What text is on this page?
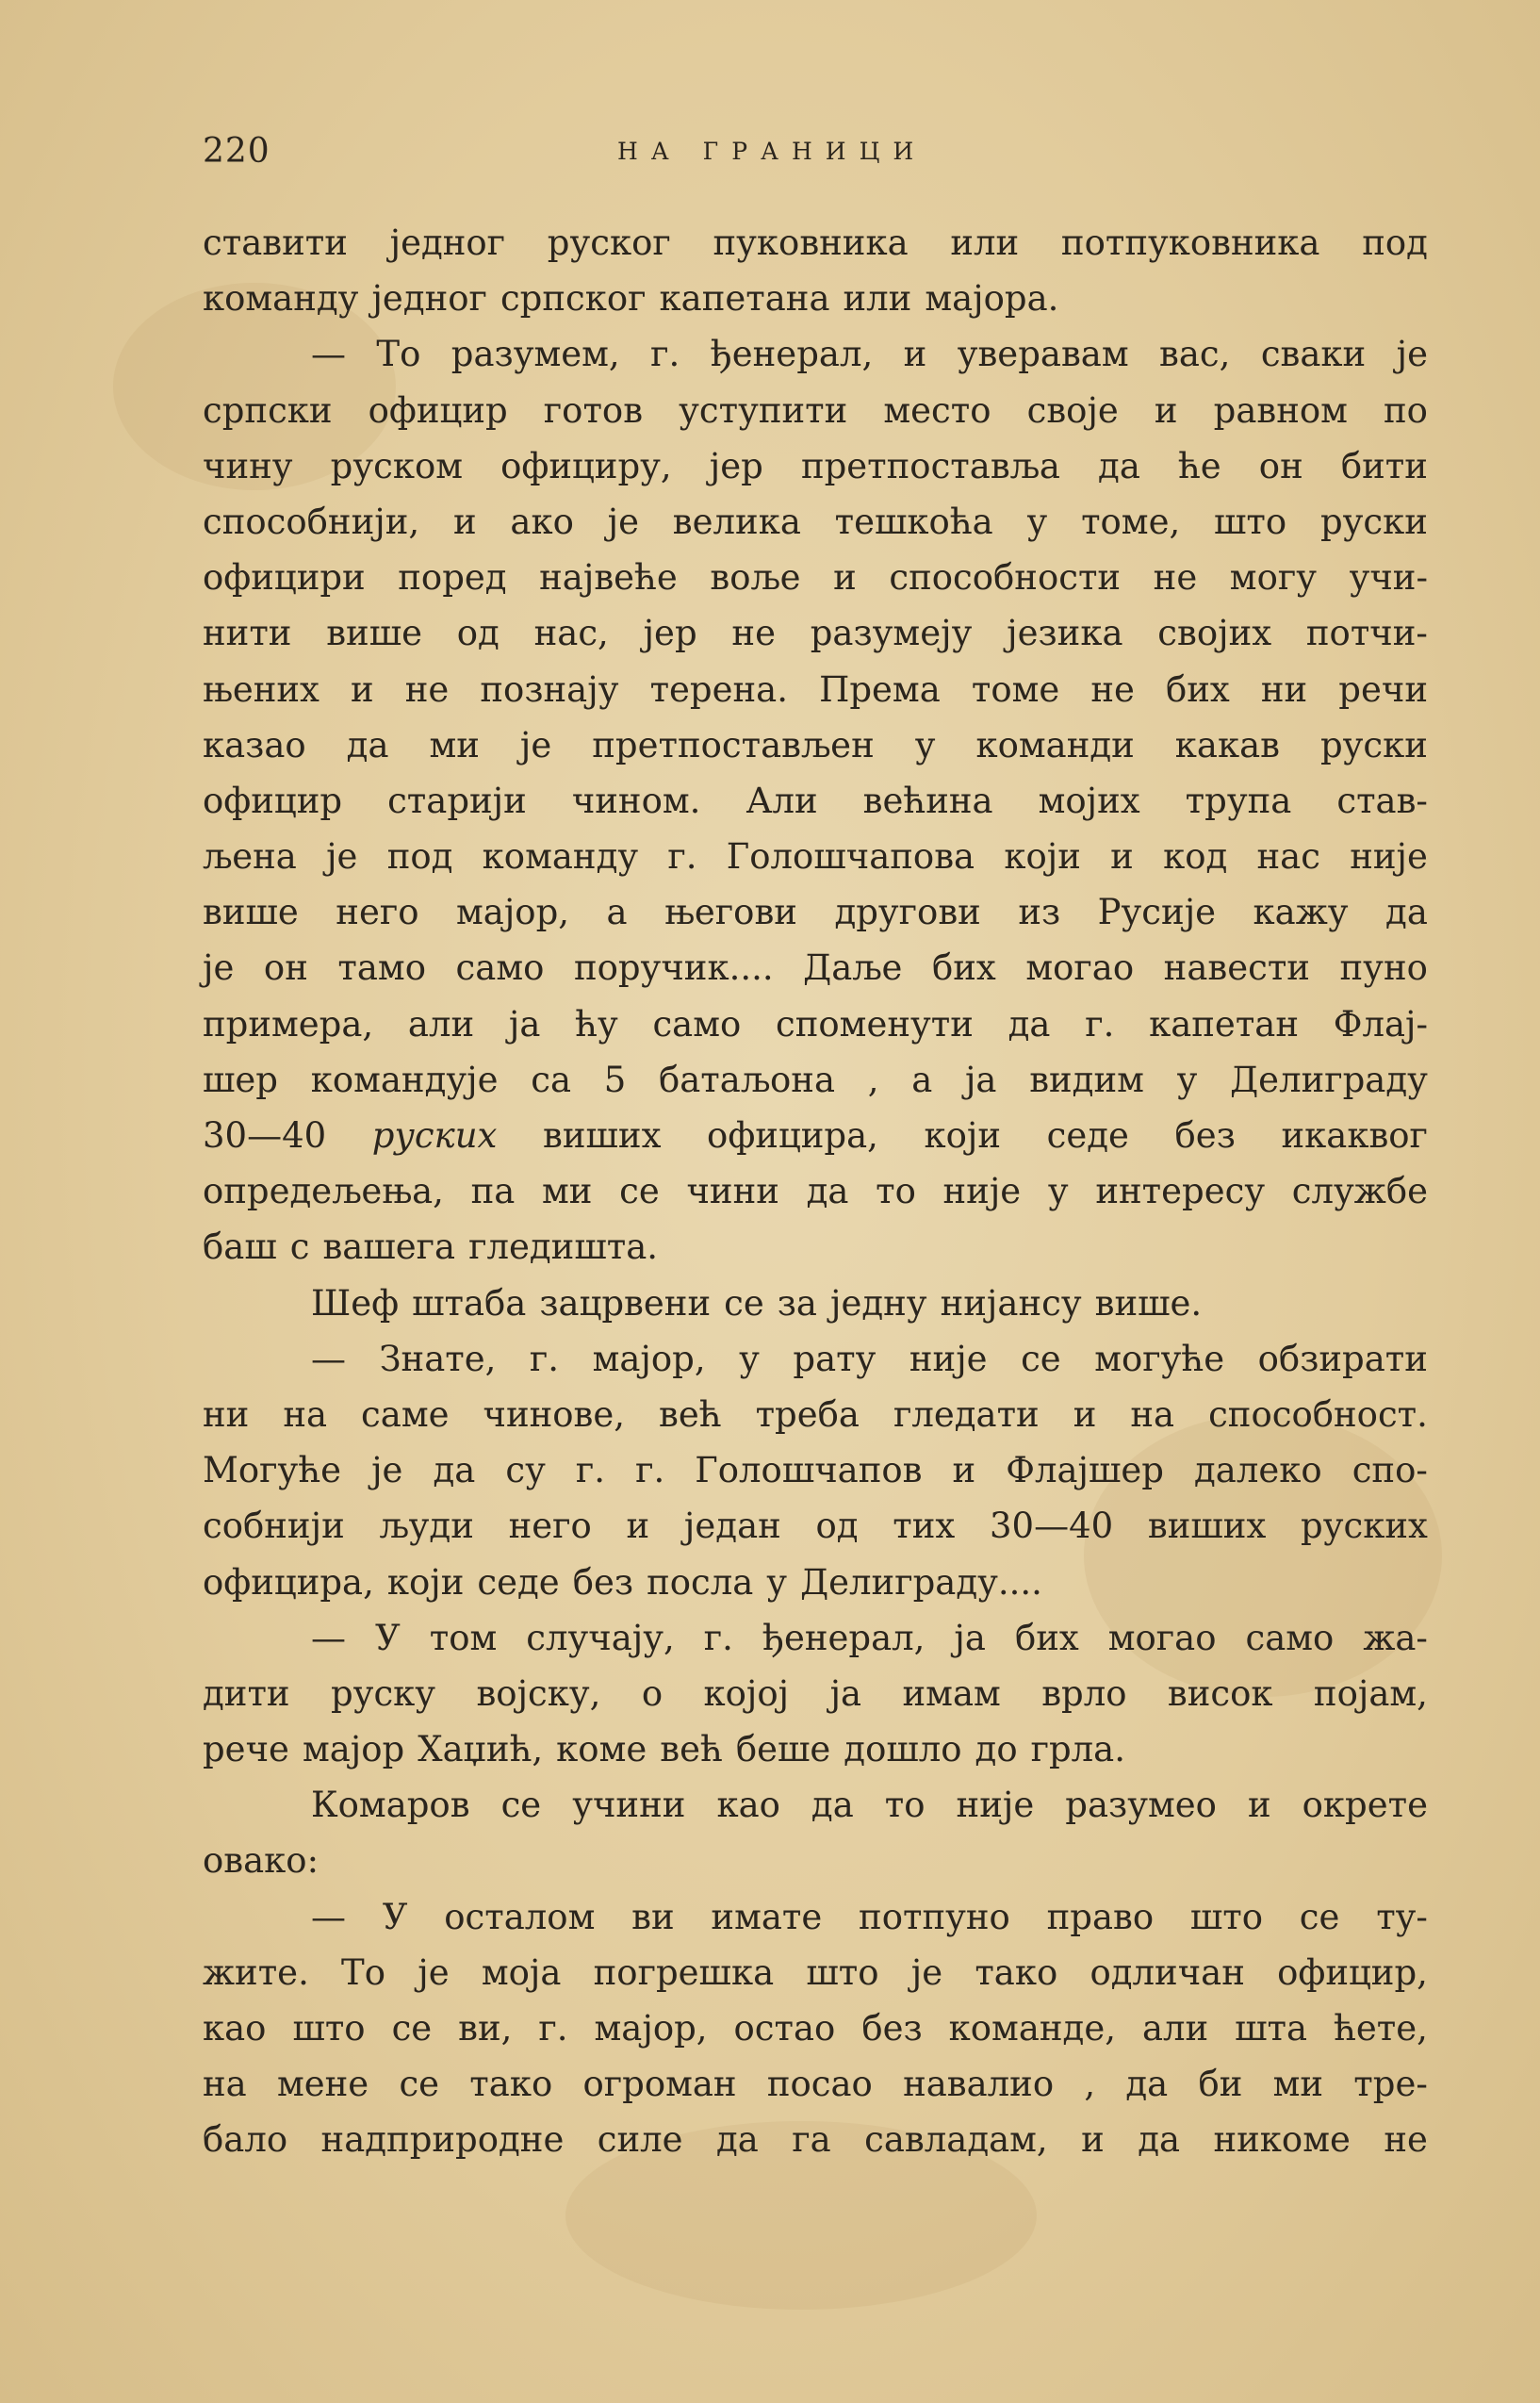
220	НА ГРАНИЦИ
ставити једног руског пуковника или потпуковника под
команду једног српског капетана или мајора.
— То разумем, г. ђенерал, и уверавам вас, сваки је
српски официр готов уступити место своје и равном по
чину руском официру, јер претпоставља да ће он бити
способнији, и ако је велика тешкоћа у томе, што руски
официри поред највеће воље и способности не могу учи-
нити више од нас, јер не разумеју језика својих потчи-
њених и не познају терена. Према томе не бих ни речи
казао да ми је претпостављен у команди какав руски
официр старији чином. Али већина мојих трупа став-
љена је под команду г. Голошчапова који и код нас није
више него мајор, а његови другови из Русије кажу да
је он тамо само поручик.... Даље бих могао навести пуно
примера, али ја ћу само споменути да г. капетан Флај-
шер командује са 5 батаљона , а ја видим у Делиграду
30—40 руских виших официра, који седе без икаквог
опредељења, па ми се чини да то није у интересу службе
баш с вашега гледишта.
Шеф штаба зацрвени се за једну нијансу више.
— Знате, г. мајор, у рату није се могуће обзирати
ни на саме чинове, већ треба гледати и на способност.
Могуће је да су г. г. Голошчапов и Флајшер далеко спо-
собнији људи него и један од тих 30—40 виших руских
официра, који седе без посла у Делиграду....
— У том случају, г. ђенерал, ја бих могао само жа-
дити руску војску, о којој ја имам врло висок појам,
рече мајор Хаџић, коме већ беше дошло до грла.
Комаров се учини као да то није разумео и окрете
овако:
— У осталом ви имате потпуно право што се ту-
жите. То је моја погрешка што је тако одличан официр,
као што се ви, г. мајор, остао без команде, али шта ћете,
на мене се тако огроман посао навалио , да би ми тре-
бало надприродне силе да га савладам, и да никоме не
